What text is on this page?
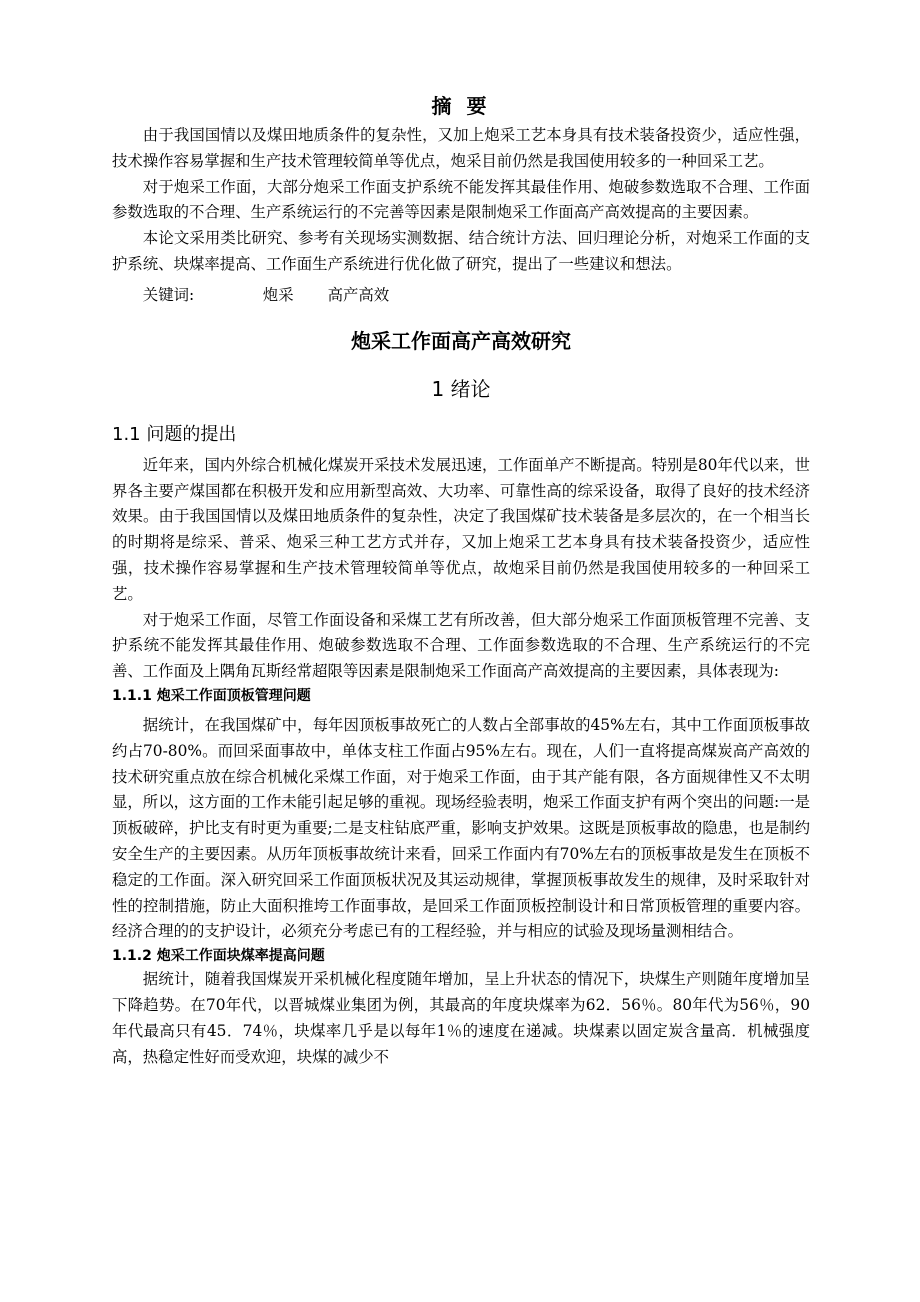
摘 要

由于我国国情以及煤田地质条件的复杂性，又加上炮采工艺本身具有技术装备投资少，适应性强，技术操作容易掌握和生产技术管理较简单等优点，炮采目前仍然是我国使用较多的一种回采工艺。

对于炮采工作面，大部分炮采工作面支护系统不能发挥其最佳作用、炮破参数选取不合理、工作面参数选取的不合理、生产系统运行的不完善等因素是限制炮采工作面高产高效提高的主要因素。

本论文采用类比研究、参考有关现场实测数据、结合统计方法、回归理论分析，对炮采工作面的支护系统、块煤率提高、工作面生产系统进行优化做了研究，提出了一些建议和想法。

关键词:	炮采 高产高效
炮采工作面高产高效研究
1 绪论
1.1 问题的提出

近年来，国内外综合机械化煤炭开采技术发展迅速，工作面单产不断提高。特别是80年代以来，世界各主要产煤国都在积极开发和应用新型高效、大功率、可靠性高的综采设备，取得了良好的技术经济效果。由于我国国情以及煤田地质条件的复杂性，决定了我国煤矿技术装备是多层次的，在一个相当长的时期将是综采、普采、炮采三种工艺方式并存，又加上炮采工艺本身具有技术装备投资少，适应性强，技术操作容易掌握和生产技术管理较简单等优点，故炮采目前仍然是我国使用较多的一种回采工艺。

对于炮采工作面，尽管工作面设备和采煤工艺有所改善，但大部分炮采工作面顶板管理不完善、支护系统不能发挥其最佳作用、炮破参数选取不合理、工作面参数选取的不合理、生产系统运行的不完善、工作面及上隅角瓦斯经常超限等因素是限制炮采工作面高产高效提高的主要因素，具体表现为:

1.1.1 炮采工作面顶板管理问题

据统计，在我国煤矿中，每年因顶板事故死亡的人数占全部事故的45%左右，其中工作面顶板事故约占70-80%。而回采面事故中，单体支柱工作面占95%左右。现在，人们一直将提高煤炭高产高效的技术研究重点放在综合机械化采煤工作面，对于炮采工作面，由于其产能有限，各方面规律性又不太明显，所以，这方面的工作未能引起足够的重视。现场经验表明，炮采工作面支护有两个突出的问题:一是顶板破碎，护比支有时更为重要;二是支柱钻底严重，影响支护效果。这既是顶板事故的隐患，也是制约安全生产的主要因素。从历年顶板事故统计来看，回采工作面内有70%左右的顶板事故是发生在顶板不稳定的工作面。深入研究回采工作面顶板状况及其运动规律，掌握顶板事故发生的规律，及时采取针对性的控制措施，防止大面积推垮工作面事故，是回采工作面顶板控制设计和日常顶板管理的重要内容。经济合理的的支护设计，必须充分考虑已有的工程经验，并与相应的试验及现场量测相结合。

1.1.2 炮采工作面块煤率提高问题

据统计，随着我国煤炭开采机械化程度随年增加，呈上升状态的情况下，块煤生产则随年度增加呈下降趋势。在70年代，以晋城煤业集团为例，其最高的年度块煤率为62．56％。80年代为56％，90年代最高只有45．74％，块煤率几乎是以每年1％的速度在递减。块煤素以固定炭含量高．机械强度高，热稳定性好而受欢迎，块煤的减少不
